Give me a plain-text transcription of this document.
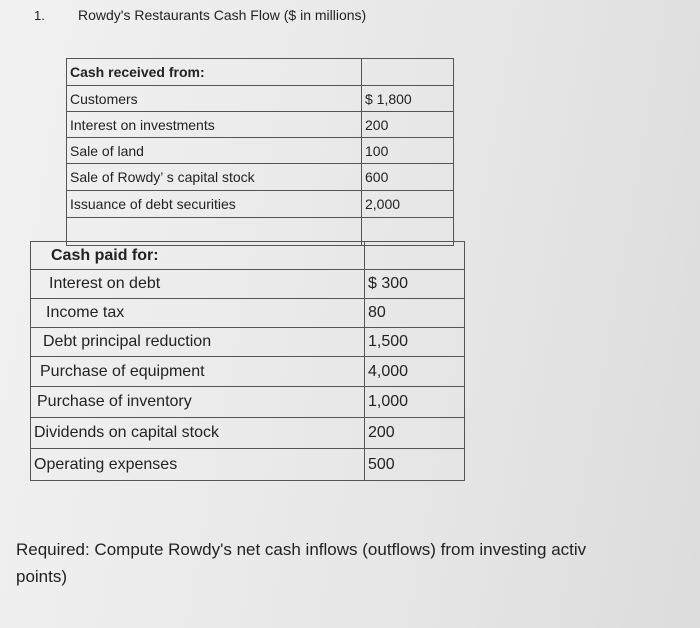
1. Rowdy's Restaurants Cash Flow ($ in millions)
Cash received from:
Customers	$ 1,800
Interest on investments	200
Sale of land	100
Sale of Rowdy’ s capital stock	600
Issuance of debt securities	2,000
Cash paid for:
Interest on debt	$ 300
Income tax	80
Debt principal reduction	1,500
Purchase of equipment	4,000
Purchase of inventory	1,000
Dividends on capital stock	200
Operating expenses	500
Required: Compute Rowdy's net cash inflows (outflows) from investing activ
points)
